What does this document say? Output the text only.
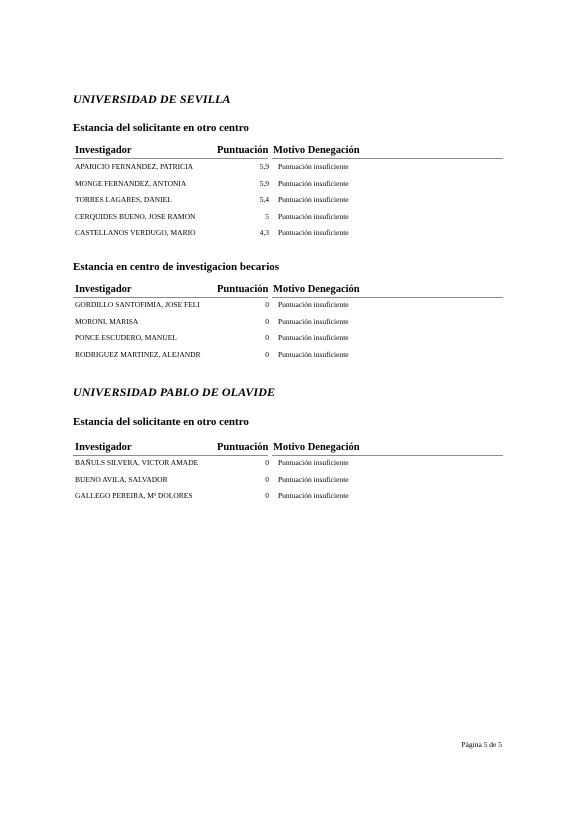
UNIVERSIDAD DE SEVILLA
Estancia del solicitante en otro centro
Investigador	Puntuación Motivo Denegación
APARICIO FERNANDEZ, PATRICIA	5,9 Puntuación insuficiente
MONGE FERNANDEZ, ANTONIA	5,9 Puntuación insuficiente
TORRES LAGARES, DANIEL	5,4 Puntuación insuficiente
CERQUIDES BUENO, JOSE RAMON	5 Puntuación insuficiente
CASTELLANOS VERDUGO, MARIO	4,3 Puntuación insuficiente
Estancia en centro de investigacion becarios
Investigador	Puntuación Motivo Denegación
GORDILLO SANTOFIMIA, JOSE FELI	0 Puntuación insuficiente
MORONI, MARISA	0 Puntuación insuficiente
PONCE ESCUDERO, MANUEL	0 Puntuación insuficiente
RODRIGUEZ MARTINEZ, ALEJANDR	0 Puntuación insuficiente
UNIVERSIDAD PABLO DE OLAVIDE
Estancia del solicitante en otro centro
Investigador	Puntuación Motivo Denegación
BAÑULS SILVERA, VICTOR AMADE	0 Puntuación insuficiente
BUENO AVILA, SALVADOR	0 Puntuación insuficiente
GALLEGO PEREIRA, Mª DOLORES	0 Puntuación insuficiente
Página 5 de 5
